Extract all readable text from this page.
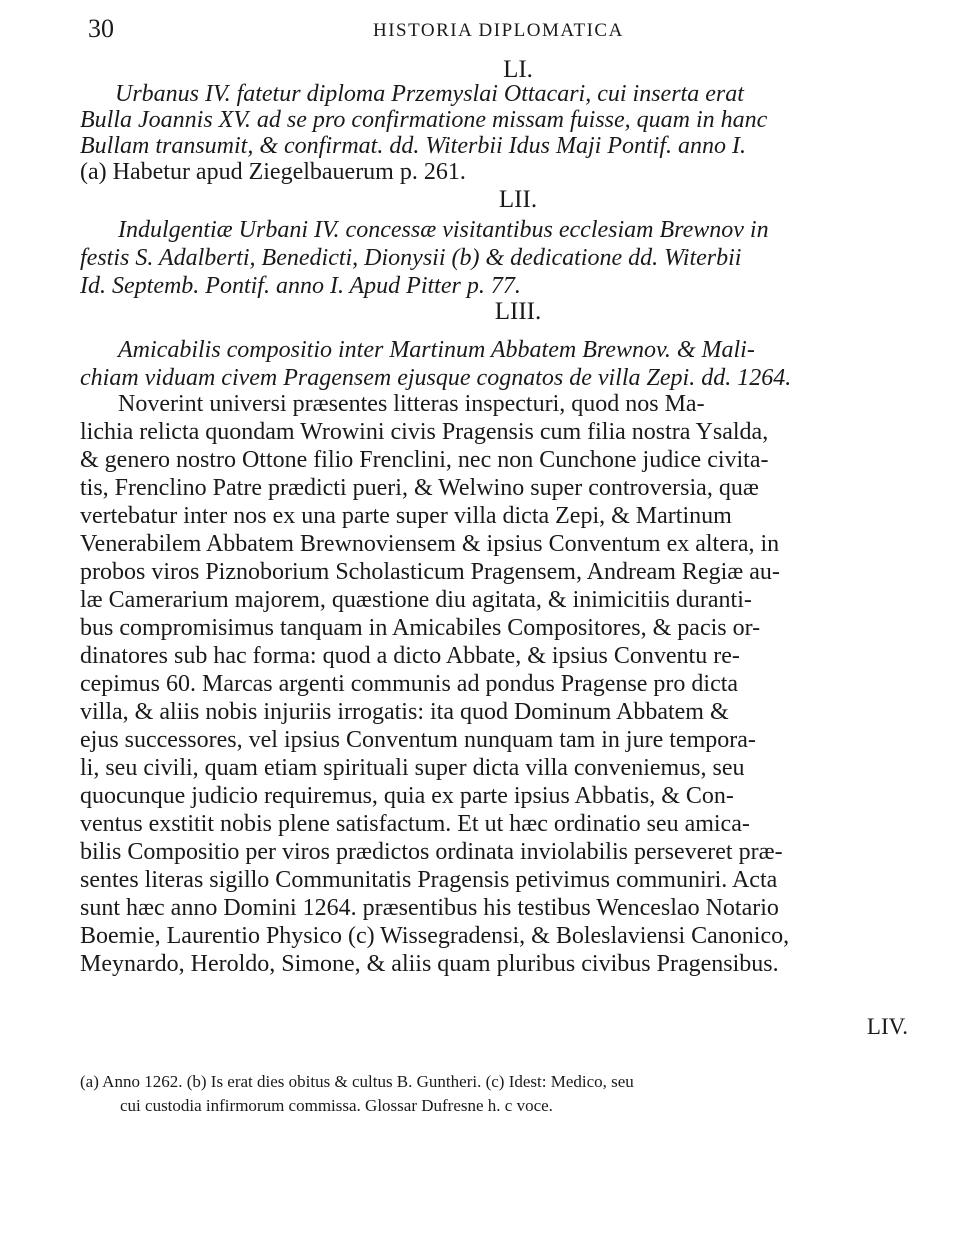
30	HISTORIA DIPLOMATICA
LI.
Urbanus IV. fatetur diploma Przemyslai Ottacari, cui inserta erat
Bulla Joannis XV. ad se pro confirmatione missam fuisse, quam in hanc
Bullam transumit, & confirmat. dd. Witerbii Idus Maji Pontif. anno I.
(a) Habetur apud Ziegelbauerum p. 261.
LII.
Indulgentiæ Urbani IV. concessæ visitantibus ecclesiam Brewnov in
festis S. Adalberti, Benedicti, Dionysii (b) & dedicatione dd. Witerbii
Id. Septemb. Pontif. anno I. Apud Pitter p. 77.
LIII.
Amicabilis compositio inter Martinum Abbatem Brewnov. & Mali-
chiam viduam civem Pragensem ejusque cognatos de villa Zepi. dd. 1264.
Noverint universi præsentes litteras inspecturi, quod nos Ma-
lichia relicta quondam Wrowini civis Pragensis cum filia nostra Ysalda,
& genero nostro Ottone filio Frenclini, nec non Cunchone judice civita-
tis, Frenclino Patre prædicti pueri, & Welwino super controversia, quæ
vertebatur inter nos ex una parte super villa dicta Zepi, & Martinum
Venerabilem Abbatem Brewnoviensem & ipsius Conventum ex altera, in
probos viros Piznoborium Scholasticum Pragensem, Andream Regiæ au-
læ Camerarium majorem, quæstione diu agitata, & inimicitiis duranti-
bus compromisimus tanquam in Amicabiles Compositores, & pacis or-
dinatores sub hac forma: quod a dicto Abbate, & ipsius Conventu re-
cepimus 60. Marcas argenti communis ad pondus Pragense pro dicta
villa, & aliis nobis injuriis irrogatis: ita quod Dominum Abbatem &
ejus successores, vel ipsius Conventum nunquam tam in jure tempora-
li, seu civili, quam etiam spirituali super dicta villa conveniemus, seu
quocunque judicio requiremus, quia ex parte ipsius Abbatis, & Con-
ventus exstitit nobis plene satisfactum. Et ut hæc ordinatio seu amica-
bilis Compositio per viros prædictos ordinata inviolabilis perseveret præ-
sentes literas sigillo Communitatis Pragensis petivimus communiri. Acta
sunt hæc anno Domini 1264. præsentibus his testibus Wenceslao Notario
Boemie, Laurentio Physico (c) Wissegradensi, & Boleslaviensi Canonico,
Meynardo, Heroldo, Simone, & aliis quam pluribus civibus Pragensibus.
LIV.
(a) Anno 1262. (b) Is erat dies obitus & cultus B. Guntheri. (c) Idest: Medico, seu
cui custodia infirmorum commissa. Glossar Dufresne h. c voce.
